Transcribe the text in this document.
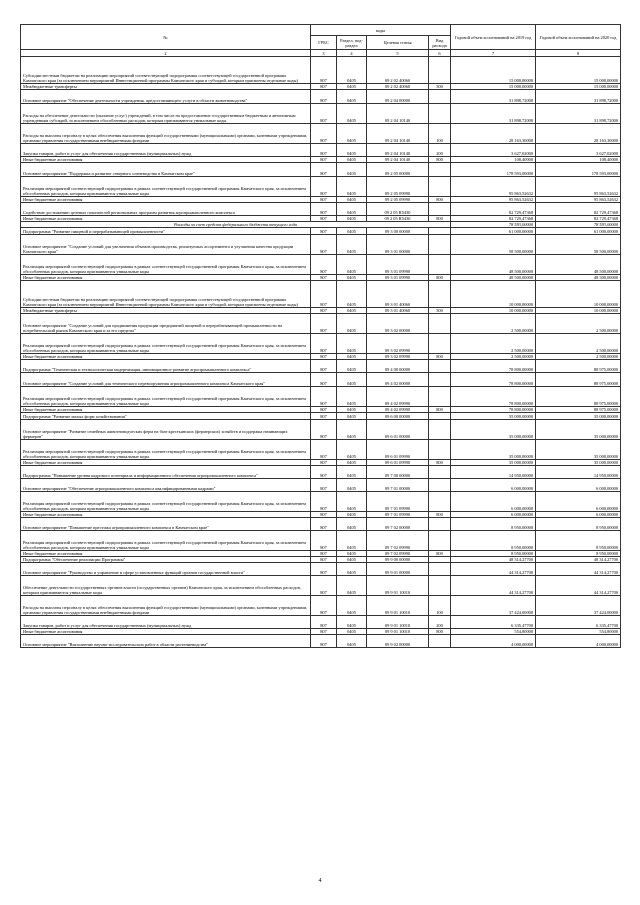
№	коды				Годовой объем ассигнований на 2019 год	Годовой объем ассигнований на 2020 год
	ГРБС	Раздел, под-раздел	Целевая статья	Вид расхода		
2	3	4	5	6	7	8
Субсидии местным бюджетам на реализацию мероприятий соответствующей подпрограммы соответствующей государственной программы Камчатского края (за исключением мероприятий Инвестиционной программы Камчатского края и субсидий, которым присвоены отдельные коды)	807	0405	09 2 02 40060		15 000,00000	15 000,00000
Межбюджетные трансферты	807	0405	09 2 02 40060	500	15 000,00000	15 000,00000
Основное мероприятие "Обеспечение деятельности учреждения, предоставляющего услуги в области животноводства"	807	0405	09 2 04 00000		31 898,72000	31 898,72000
Расходы на обеспечение деятельности (оказание услуг) учреждений, в том числе на предоставление государственным бюджетным и автономным учреждениям субсидий, за исключением обособленных расходов, которым присваиваются уникальные коды	807	0405	09 2 04 10140		31 898,72000	31 898,72000
Расходы на выплаты персоналу в целях обеспечения выполнения функций государственными (муниципальными) органами, казенными учреждениями, органами управления государственными внебюджетными фондами	807	0405	09 2 04 10140	100	28 163,30000	28 163,30000
Закупка товаров, работ и услуг для обеспечения государственных (муниципальных) нужд	807	0405	09 2 04 10140	200	3 627,02000	3 627,02000
Иные бюджетные ассигнования	807	0405	09 2 04 10140	800	108,40000	108,40000
Основное мероприятие "Поддержка и развитие северного оленеводства в Камчатском крае"	807	0405	09 2 05 00000		178 593,00000	178 593,00000
Реализация мероприятий соответствующей подпрограммы в рамках соответствующей государственной программы Камчатского края, за исключением обособленных расходов, которым присваиваются уникальные коды	807	0405	09 2 05 09990		95 863,52632	95 863,52632
Иные бюджетные ассигнования	807	0405	09 2 05 09990	800	95 863,52632	95 863,52632
Содействие достижению целевых показателей региональных программ развития агропромышленного комплекса	807	0405	09 2 05 R5430		82 729,47368	82 729,47368
Иные бюджетные ассигнования	807	0405	09 2 05 R5430	800	82 729,47368	82 729,47368
Расходы за счет средств федерального бюджета текущего года					78 593,00000	78 593,00000
Подпрограмма "Развитие пищевой и перерабатывающей промышленности"	807	0405	09 3 00 00000		61 000,00000	61 000,00000
Основное мероприятие "Создание условий для увеличения объемов производства, реализуемых ассортимента и улучшения качества продукции Камчатского края"	807	0405	09 3 01 00000		58 500,00000	58 500,00000
Реализация мероприятий соответствующей подпрограммы в рамках соответствующей государственной программы Камчатского края, за исключением обособленных расходов, которым присваиваются уникальные коды	807	0405	09 3 01 09990		48 500,00000	48 500,00000
Иные бюджетные ассигнования	807	0405	09 3 01 09990	800	48 500,00000	48 500,00000
Субсидии местным бюджетам на реализацию мероприятий соответствующей подпрограммы соответствующей государственной программы Камчатского края (за исключением мероприятий Инвестиционной программы Камчатского края и субсидий, которым присвоены отдельные коды)	807	0405	09 3 01 40060		10 000,00000	10 000,00000
Межбюджетные трансферты	807	0405	09 3 01 40060	500	10 000,00000	10 000,00000
Основное мероприятие "Создание условий для продвижения продукции предприятий пищевой и перерабатывающей промышленности на потребительский рынок Камчатского края и за его пределы"	807	0405	09 3 02 00000		2 500,00000	2 500,00000
Реализация мероприятий соответствующей подпрограммы в рамках соответствующей государственной программы Камчатского края, за исключением обособленных расходов, которым присваиваются уникальные коды	807	0405	09 3 02 09990		2 500,00000	2 500,00000
Иные бюджетные ассигнования	807	0405	09 3 02 09990	800	2 500,00000	2 500,00000
Подпрограмма "Техническая и технологическая модернизация, инновационное развитие агропромышленного комплекса"	807	0405	09 4 00 00000		78 800,00000	88 975,00000
Основное мероприятие "Создание условий для технического перевооружения агропромышленного комплекса Камчатского края"	807	0405	09 4 02 00000		78 800,00000	88 975,00000
Реализация мероприятий соответствующей подпрограммы в рамках соответствующей государственной программы Камчатского края, за исключением обособленных расходов, которым присваиваются уникальные коды	807	0405	09 4 02 09990		78 800,00000	88 975,00000
Иные бюджетные ассигнования	807	0405	09 4 02 09990	800	78 800,00000	88 975,00000
Подпрограмма "Развитие малых форм хозяйствования"	807	0405	09 6 00 00000		35 000,00000	35 000,00000
Основное мероприятие "Развитие семейных животноводческих ферм на базе крестьянских (фермерских) хозяйств и поддержка начинающих фермеров"	807	0405	09 6 01 00000		35 000,00000	35 000,00000
Реализация мероприятий соответствующей подпрограммы в рамках соответствующей государственной программы Камчатского края, за исключением обособленных расходов, которым присваиваются уникальные коды	807	0405	09 6 01 09990		35 000,00000	35 000,00000
Иные бюджетные ассигнования	807	0405	09 6 01 09990	800	35 000,00000	35 000,00000
Подпрограмма "Повышение уровня кадрового потенциала и информационного обеспечения агропромышленного комплекса"	807	0405	09 7 00 00000		14 950,00000	14 950,00000
Основное мероприятие "Обеспечение агропромышленного комплекса квалифицированными кадрами"	807	0405	09 7 01 00000		6 000,00000	6 000,00000
Реализация мероприятий соответствующей подпрограммы в рамках соответствующей государственной программы Камчатского края, за исключением обособленных расходов, которым присваиваются уникальные коды	807	0405	09 7 01 09990		6 000,00000	6 000,00000
Иные бюджетные ассигнования	807	0405	09 7 01 09990	800	6 000,00000	6 000,00000
Основное мероприятие "Повышение престижа агропромышленного комплекса в Камчатском крае"	807	0405	09 7 02 00000		8 950,00000	8 950,00000
Реализация мероприятий соответствующей подпрограммы в рамках соответствующей государственной программы Камчатского края, за исключением обособленных расходов, которым присваиваются уникальные коды	807	0405	09 7 02 09990		8 950,00000	8 950,00000
Иные бюджетные ассигнования	807	0405	09 7 02 09990	800	8 950,00000	8 950,00000
Подпрограмма "Обеспечение реализации Программы"	807	0405	09 9 00 00000		48 314,27700	48 314,27700
Основное мероприятие "Руководство и управление в сфере установленных функций органов государственной власти"	807	0405	09 9 01 00000		44 314,27700	44 314,27700
Обеспечение деятельности государственных органов власти (государственных органов) Камчатского края, за исключением обособленных расходов, которым присваиваются уникальные коды	807	0405	09 9 01 10010		44 314,27700	44 314,27700
Расходы на выплаты персоналу в целях обеспечения выполнения функций государственными (муниципальными) органами, казенными учреждениями, органами управления государственными внебюджетными фондами	807	0405	09 9 01 10010	100	37 424,00000	37 424,00000
Закупка товаров, работ и услуг для обеспечения государственных (муниципальных) нужд	807	0405	09 9 01 10010	200	6 335,47700	6 335,47700
Иные бюджетные ассигнования	807	0405	09 9 01 10010	800	554,80000	554,80000
Основное мероприятие "Выполнение научно-исследовательских работ в области растениеводства"	807	0405	09 9 02 00000		4 000,00000	4 000,00000
4
